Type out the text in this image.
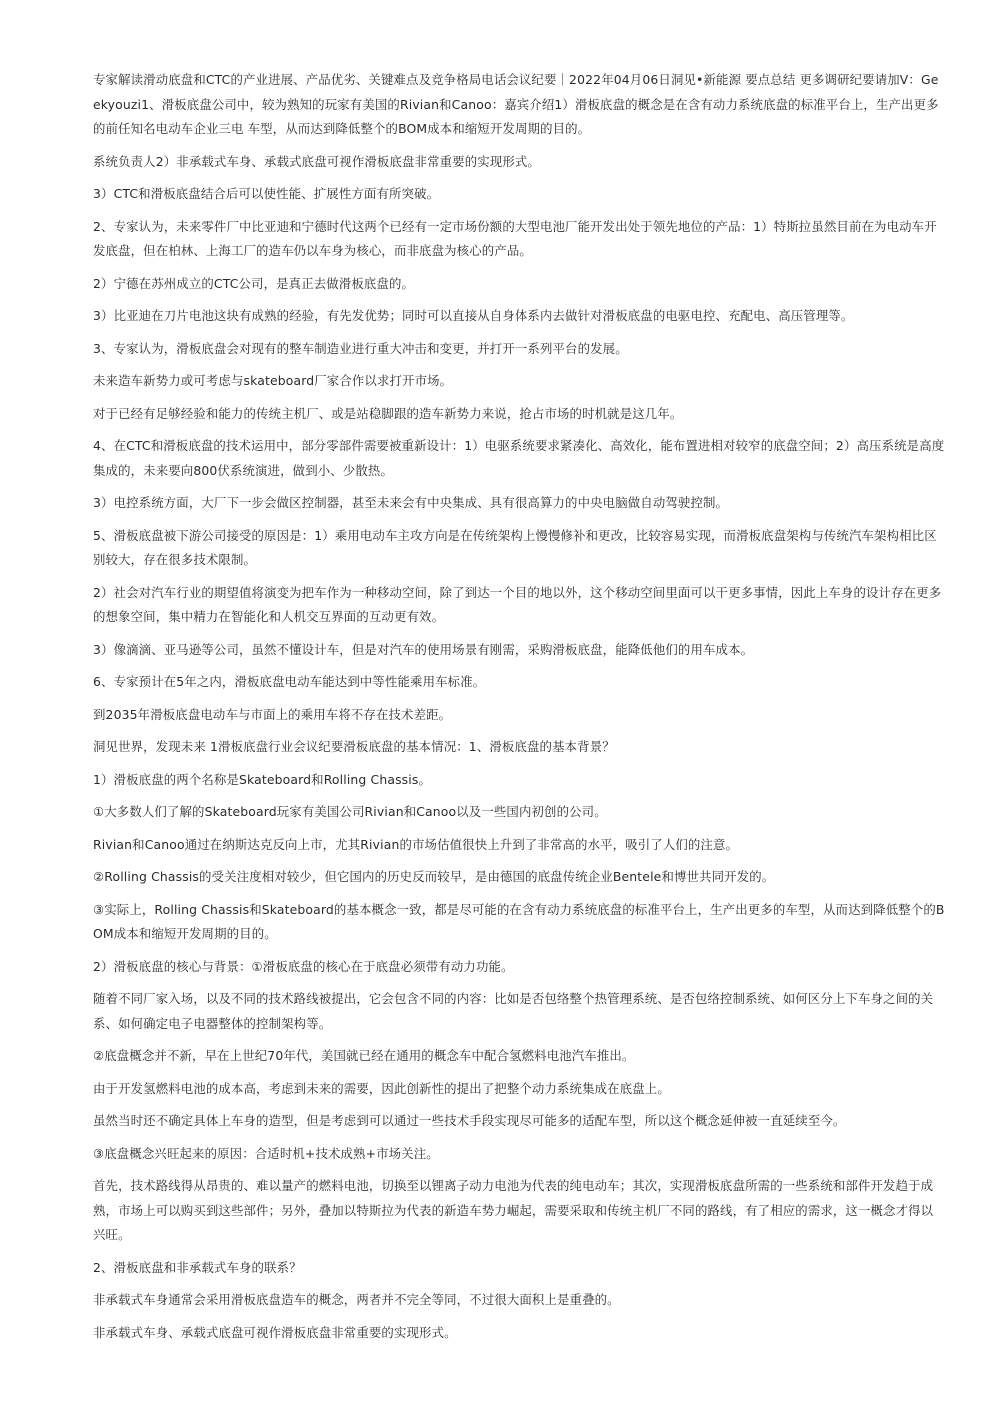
专家解读滑动底盘和CTC的产业进展、产品优劣、关键难点及竞争格局电话会议纪要｜2022年04月06日洞见•新能源 要点总结 更多调研纪要请加V：Geekyouzi1、滑板底盘公司中，较为熟知的玩家有美国的Rivian和Canoo：嘉宾介绍1）滑板底盘的概念是在含有动力系统底盘的标准平台上，生产出更多的前任知名电动车企业三电 车型，从而达到降低整个的BOM成本和缩短开发周期的目的。

系统负责人2）非承载式车身、承载式底盘可视作滑板底盘非常重要的实现形式。

3）CTC和滑板底盘结合后可以使性能、扩展性方面有所突破。

2、专家认为，未来零件厂中比亚迪和宁德时代这两个已经有一定市场份额的大型电池厂能开发出处于领先地位的产品：1）特斯拉虽然目前在为电动车开发底盘，但在柏林、上海工厂的造车仍以车身为核心，而非底盘为核心的产品。

2）宁德在苏州成立的CTC公司，是真正去做滑板底盘的。

3）比亚迪在刀片电池这块有成熟的经验，有先发优势；同时可以直接从自身体系内去做针对滑板底盘的电驱电控、充配电、高压管理等。

3、专家认为，滑板底盘会对现有的整车制造业进行重大冲击和变更，并打开一系列平台的发展。

未来造车新势力或可考虑与skateboard厂家合作以求打开市场。

对于已经有足够经验和能力的传统主机厂、或是站稳脚跟的造车新势力来说，抢占市场的时机就是这几年。

4、在CTC和滑板底盘的技术运用中，部分零部件需要被重新设计：1）电驱系统要求紧凑化、高效化，能布置进相对较窄的底盘空间；2）高压系统是高度集成的，未来要向800伏系统演进，做到小、少散热。

3）电控系统方面，大厂下一步会做区控制器，甚至未来会有中央集成、具有很高算力的中央电脑做自动驾驶控制。

5、滑板底盘被下游公司接受的原因是：1）乘用电动车主攻方向是在传统架构上慢慢修补和更改，比较容易实现，而滑板底盘架构与传统汽车架构相比区别较大，存在很多技术限制。

2）社会对汽车行业的期望值将演变为把车作为一种移动空间，除了到达一个目的地以外，这个移动空间里面可以干更多事情，因此上车身的设计存在更多的想象空间，集中精力在智能化和人机交互界面的互动更有效。

3）像滴滴、亚马逊等公司，虽然不懂设计车，但是对汽车的使用场景有刚需，采购滑板底盘，能降低他们的用车成本。

6、专家预计在5年之内，滑板底盘电动车能达到中等性能乘用车标准。

到2035年滑板底盘电动车与市面上的乘用车将不存在技术差距。

洞见世界，发现未来 1滑板底盘行业会议纪要滑板底盘的基本情况：1、滑板底盘的基本背景？

1）滑板底盘的两个名称是Skateboard和Rolling Chassis。

①大多数人们了解的Skateboard玩家有美国公司Rivian和Canoo以及一些国内初创的公司。

Rivian和Canoo通过在纳斯达克反向上市，尤其Rivian的市场估值很快上升到了非常高的水平，吸引了人们的注意。

②Rolling Chassis的受关注度相对较少，但它国内的历史反而较早，是由德国的底盘传统企业Bentele和博世共同开发的。

③实际上，Rolling Chassis和Skateboard的基本概念一致，都是尽可能的在含有动力系统底盘的标准平台上，生产出更多的车型，从而达到降低整个的BOM成本和缩短开发周期的目的。

2）滑板底盘的核心与背景：①滑板底盘的核心在于底盘必须带有动力功能。

随着不同厂家入场，以及不同的技术路线被提出，它会包含不同的内容：比如是否包络整个热管理系统、是否包络控制系统、如何区分上下车身之间的关系、如何确定电子电器整体的控制架构等。

②底盘概念并不新，早在上世纪70年代，美国就已经在通用的概念车中配合氢燃料电池汽车推出。

由于开发氢燃料电池的成本高，考虑到未来的需要，因此创新性的提出了把整个动力系统集成在底盘上。

虽然当时还不确定具体上车身的造型，但是考虑到可以通过一些技术手段实现尽可能多的适配车型，所以这个概念延伸被一直延续至今。

③底盘概念兴旺起来的原因：合适时机+技术成熟+市场关注。

首先，技术路线得从昂贵的、难以量产的燃料电池，切换至以锂离子动力电池为代表的纯电动车；其次，实现滑板底盘所需的一些系统和部件开发趋于成熟，市场上可以购买到这些部件；另外，叠加以特斯拉为代表的新造车势力崛起，需要采取和传统主机厂不同的路线，有了相应的需求，这一概念才得以兴旺。

2、滑板底盘和非承载式车身的联系？

非承载式车身通常会采用滑板底盘造车的概念，两者并不完全等同，不过很大面积上是重叠的。

非承载式车身、承载式底盘可视作滑板底盘非常重要的实现形式。
